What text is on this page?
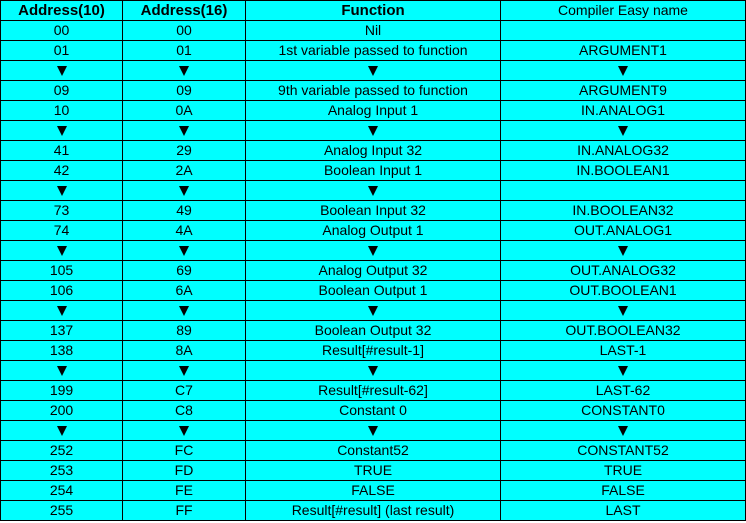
Address(10)	Address(16)	Function	Compiler Easy name
00	00	Nil	
01	01	1st variable passed to function	ARGUMENT1

09	09	9th variable passed to function	ARGUMENT9
10	0A	Analog Input 1	IN.ANALOG1

41	29	Analog Input 32	IN.ANALOG32
42	2A	Boolean Input 1	IN.BOOLEAN1

73	49	Boolean Input 32	IN.BOOLEAN32
74	4A	Analog Output 1	OUT.ANALOG1

105	69	Analog Output 32	OUT.ANALOG32
106	6A	Boolean Output 1	OUT.BOOLEAN1

137	89	Boolean Output 32	OUT.BOOLEAN32
138	8A	Result[#result-1]	LAST-1

199	C7	Result[#result-62]	LAST-62
200	C8	Constant 0	CONSTANT0

252	FC	Constant52	CONSTANT52
253	FD	TRUE	TRUE
254	FE	FALSE	FALSE
255	FF	Result[#result] (last result)	LAST
